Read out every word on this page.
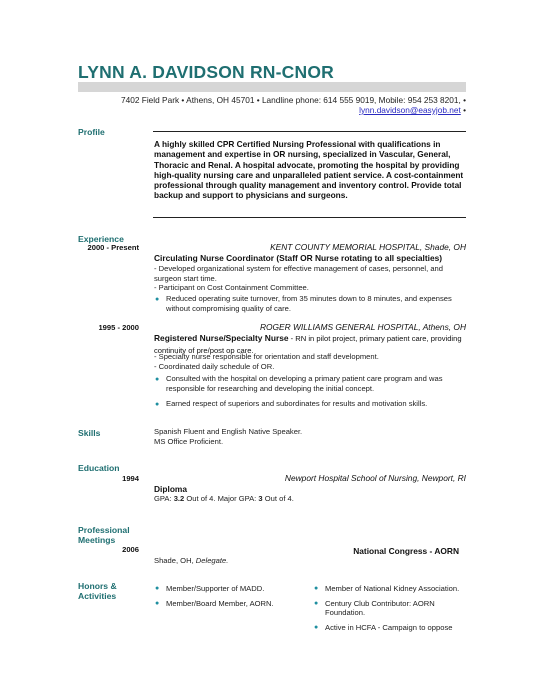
LYNN A. DAVIDSON RN-CNOR
7402 Field Park • Athens, OH 45701 • Landline phone: 614 555 9019, Mobile: 954 253 8201, •
lynn.davidson@easyjob.net •
Profile
A highly skilled CPR Certified Nursing Professional with qualifications in management and expertise in OR nursing, specialized in Vascular, General, Thoracic and Renal. A hospital advocate, promoting the hospital by providing high-quality nursing care and unparalleled patient service. A cost-containment professional through quality management and inventory control. Provide total backup and support to physicians and surgeons.
Experience
2000 - Present	KENT COUNTY MEMORIAL HOSPITAL, Shade, OH
Circulating Nurse Coordinator (Staff OR Nurse rotating to all specialties)
- Developed organizational system for effective management of cases, personnel, and surgeon start time.
- Participant on Cost Containment Committee.
● Reduced operating suite turnover, from 35 minutes down to 8 minutes, and expenses without compromising quality of care.
1995 - 2000	ROGER WILLIAMS GENERAL HOSPITAL, Athens, OH
Registered Nurse/Specialty Nurse - RN in pilot project, primary patient care, providing continuity of pre/post op care.
- Specialty nurse responsible for orientation and staff development.
- Coordinated daily schedule of OR.
● Consulted with the hospital on developing a primary patient care program and was responsible for researching and developing the initial concept.
● Earned respect of superiors and subordinates for results and motivation skills.
Skills	Spanish Fluent and English Native Speaker.
MS Office Proficient.
Education
1994	Newport Hospital School of Nursing, Newport, RI
Diploma
GPA: 3.2 Out of 4. Major GPA: 3 Out of 4.
Professional
Meetings
2006	National Congress - AORN
Shade, OH, Delegate.
Honors &
Activities
● Member/Supporter of MADD.
● Member/Board Member, AORN.
● Member of National Kidney Association.
● Century Club Contributor: AORN Foundation.
● Active in HCFA - Campaign to oppose
